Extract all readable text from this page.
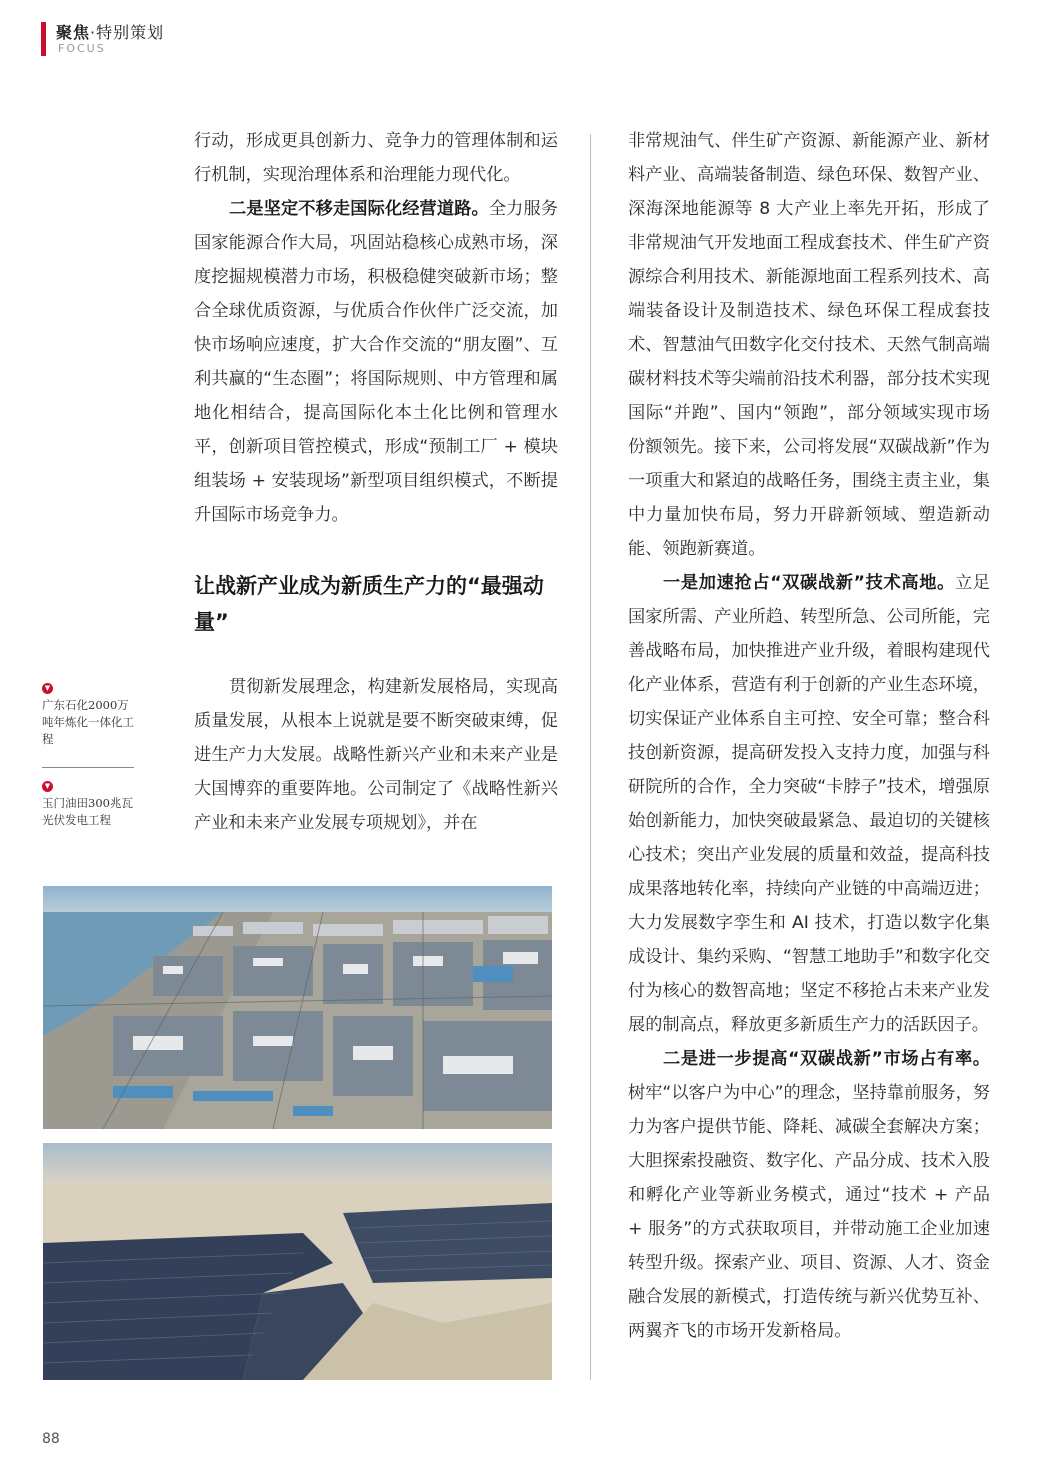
聚焦·特别策划
FOCUS

行动，形成更具创新力、竞争力的管理体制和运行机制，实现治理体系和治理能力现代化。

二是坚定不移走国际化经营道路。全力服务国家能源合作大局，巩固站稳核心成熟市场，深度挖掘规模潜力市场，积极稳健突破新市场；整合全球优质资源，与优质合作伙伴广泛交流，加快市场响应速度，扩大合作交流的“朋友圈”、互利共赢的“生态圈”；将国际规则、中方管理和属地化相结合，提高国际化本土化比例和管理水平，创新项目管控模式，形成“预制工厂 + 模块组装场 + 安装现场”新型项目组织模式，不断提升国际市场竞争力。

让战新产业成为新质生产力的“最强动量”

贯彻新发展理念，构建新发展格局，实现高质量发展，从根本上说就是要不断突破束缚，促进生产力大发展。战略性新兴产业和未来产业是大国博弈的重要阵地。公司制定了《战略性新兴产业和未来产业发展专项规划》，并在

▼
广东石化2000万吨年炼化一体化工程
▼
玉门油田300兆瓦光伏发电工程

非常规油气、伴生矿产资源、新能源产业、新材料产业、高端装备制造、绿色环保、数智产业、深海深地能源等 8 大产业上率先开拓，形成了非常规油气开发地面工程成套技术、伴生矿产资源综合利用技术、新能源地面工程系列技术、高端装备设计及制造技术、绿色环保工程成套技术、智慧油气田数字化交付技术、天然气制高端碳材料技术等尖端前沿技术利器，部分技术实现国际“并跑”、国内“领跑”，部分领域实现市场份额领先。接下来，公司将发展“双碳战新”作为一项重大和紧迫的战略任务，围绕主责主业，集中力量加快布局，努力开辟新领域、塑造新动能、领跑新赛道。

一是加速抢占“双碳战新”技术高地。立足国家所需、产业所趋、转型所急、公司所能，完善战略布局，加快推进产业升级，着眼构建现代化产业体系，营造有利于创新的产业生态环境，切实保证产业体系自主可控、安全可靠；整合科技创新资源，提高研发投入支持力度，加强与科研院所的合作，全力突破“卡脖子”技术，增强原始创新能力，加快突破最紧急、最迫切的关键核心技术；突出产业发展的质量和效益，提高科技成果落地转化率，持续向产业链的中高端迈进；大力发展数字孪生和 AI 技术，打造以数字化集成设计、集约采购、“智慧工地助手”和数字化交付为核心的数智高地；坚定不移抢占未来产业发展的制高点，释放更多新质生产力的活跃因子。

二是进一步提高“双碳战新”市场占有率。树牢“以客户为中心”的理念，坚持靠前服务，努力为客户提供节能、降耗、减碳全套解决方案；大胆探索投融资、数字化、产品分成、技术入股和孵化产业等新业务模式，通过“技术 + 产品 + 服务”的方式获取项目，并带动施工企业加速转型升级。探索产业、项目、资源、人才、资金融合发展的新模式，打造传统与新兴优势互补、两翼齐飞的市场开发新格局。

88
